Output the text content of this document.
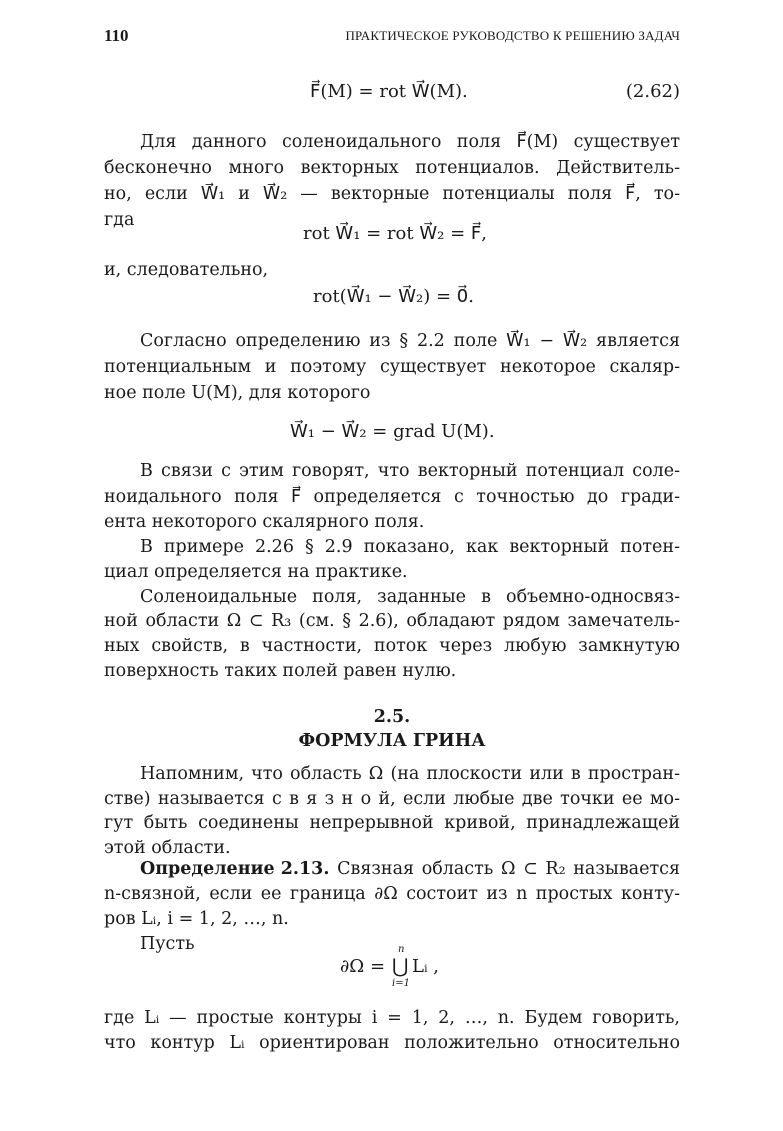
110	ПРАКТИЧЕСКОЕ РУКОВОДСТВО К РЕШЕНИЮ ЗАДАЧ
F⃗(M) = rot W⃗(M).	(2.62)
Для данного соленоидального поля F⃗(M) существует
бесконечно много векторных потенциалов. Действитель-
но, если W⃗₁ и W⃗₂ — векторные потенциалы поля F⃗, то-
гда
rot W⃗₁ = rot W⃗₂ = F⃗,
и, следовательно,
rot(W⃗₁ − W⃗₂) = 0⃗.
Согласно определению из § 2.2 поле W⃗₁ − W⃗₂ является
потенциальным и поэтому существует некоторое скаляр-
ное поле U(M), для которого
W⃗₁ − W⃗₂ = grad U(M).
В связи с этим говорят, что векторный потенциал соле-
ноидального поля F⃗ определяется с точностью до гради-
ента некоторого скалярного поля.
В примере 2.26 § 2.9 показано, как векторный потен-
циал определяется на практике.
Соленоидальные поля, заданные в объемно-односвяз-
ной области Ω ⊂ R₃ (см. § 2.6), обладают рядом замечатель-
ных свойств, в частности, поток через любую замкнутую
поверхность таких полей равен нулю.
2.5.
ФОРМУЛА ГРИНА
Напомним, что область Ω (на плоскости или в простран-
стве) называется с в я з н о й, если любые две точки ее мо-
гут быть соединены непрерывной кривой, принадлежащей
этой области.
Определение 2.13. Связная область Ω ⊂ R₂ называется
n-связной, если ее граница ∂Ω состоит из n простых конту-
ров Lᵢ, i = 1, 2, …, n.
Пусть
∂Ω =
n
⋃
i=1
Lᵢ ,
где Lᵢ — простые контуры i = 1, 2, …, n. Будем говорить,
что контур Lᵢ ориентирован положительно относительно
